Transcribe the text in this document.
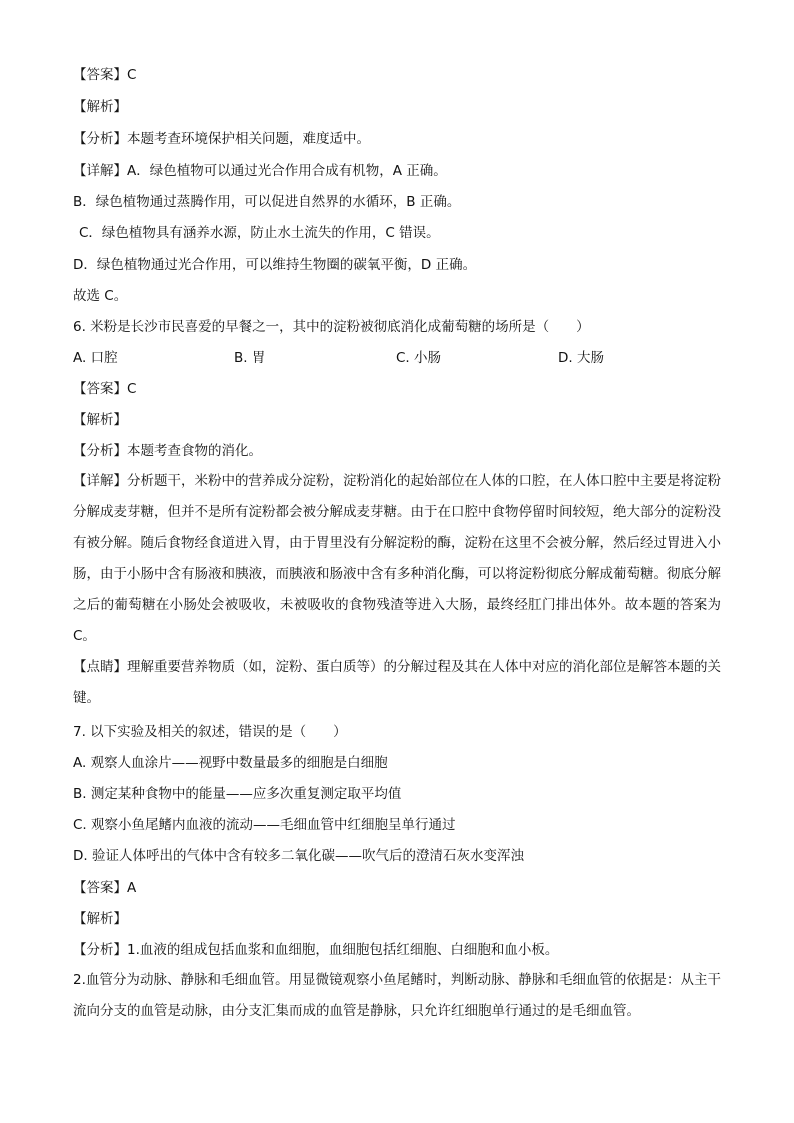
【答案】C
【解析】
【分析】本题考查环境保护相关问题，难度适中。
【详解】A．绿色植物可以通过光合作用合成有机物，A 正确。
B．绿色植物通过蒸腾作用，可以促进自然界的水循环，B 正确。
C．绿色植物具有涵养水源，防止水土流失的作用，C 错误。
D．绿色植物通过光合作用，可以维持生物圈的碳氧平衡，D 正确。
故选 C。
6. 米粉是长沙市民喜爱的早餐之一，其中的淀粉被彻底消化成葡萄糖的场所是（　　）
A. 口腔	B. 胃	C. 小肠	D. 大肠
【答案】C
【解析】
【分析】本题考查食物的消化。
【详解】分析题干，米粉中的营养成分淀粉，淀粉消化的起始部位在人体的口腔，在人体口腔中主要是将淀粉分解成麦芽糖，但并不是所有淀粉都会被分解成麦芽糖。由于在口腔中食物停留时间较短，绝大部分的淀粉没有被分解。随后食物经食道进入胃，由于胃里没有分解淀粉的酶，淀粉在这里不会被分解，然后经过胃进入小肠，由于小肠中含有肠液和胰液，而胰液和肠液中含有多种消化酶，可以将淀粉彻底分解成葡萄糖。彻底分解之后的葡萄糖在小肠处会被吸收，未被吸收的食物残渣等进入大肠，最终经肛门排出体外。故本题的答案为 C。
【点睛】理解重要营养物质（如，淀粉、蛋白质等）的分解过程及其在人体中对应的消化部位是解答本题的关键。
7. 以下实验及相关的叙述，错误的是（　　）
A. 观察人血涂片——视野中数量最多的细胞是白细胞
B. 测定某种食物中的能量——应多次重复测定取平均值
C. 观察小鱼尾鳍内血液的流动——毛细血管中红细胞呈单行通过
D. 验证人体呼出的气体中含有较多二氧化碳——吹气后的澄清石灰水变浑浊
【答案】A
【解析】
【分析】1.血液的组成包括血浆和血细胞，血细胞包括红细胞、白细胞和血小板。
2.血管分为动脉、静脉和毛细血管。用显微镜观察小鱼尾鳍时，判断动脉、静脉和毛细血管的依据是：从主干流向分支的血管是动脉，由分支汇集而成的血管是静脉，只允许红细胞单行通过的是毛细血管。
